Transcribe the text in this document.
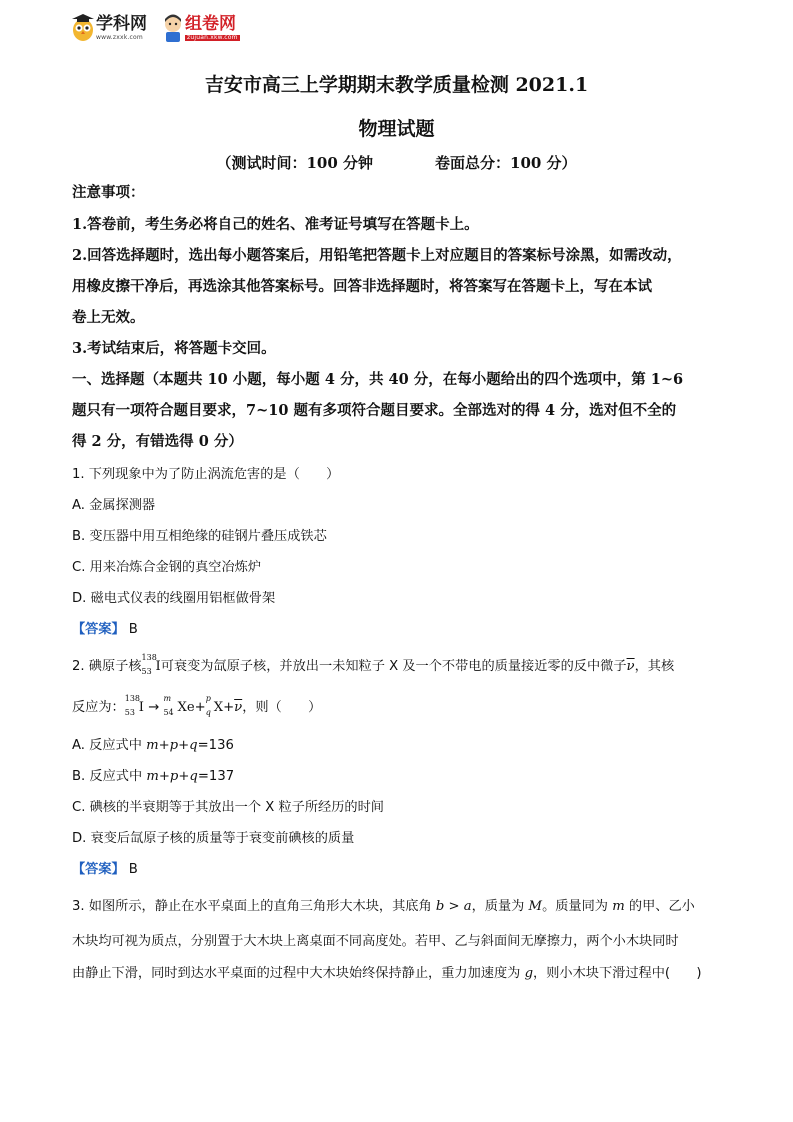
学科网
www.zxxk.com
组卷网
zujuan.xkw.com
吉安市高三上学期期末教学质量检测 2021.1
物理试题
（测试时间：100 分钟	卷面总分：100 分）
注意事项：
1.答卷前，考生务必将自己的姓名、准考证号填写在答题卡上。
2.回答选择题时，选出每小题答案后，用铅笔把答题卡上对应题目的答案标号涂黑，如需改动，
用橡皮擦干净后，再选涂其他答案标号。回答非选择题时，将答案写在答题卡上，写在本试
卷上无效。
3.考试结束后，将答题卡交回。
一、选择题（本题共 10 小题，每小题 4 分，共 40 分，在每小题给出的四个选项中，第 1~6
题只有一项符合题目要求，7~10 题有多项符合题目要求。全部选对的得 4 分，选对但不全的
得 2 分，有错选得 0 分）
1. 下列现象中为了防止涡流危害的是（　　）
A. 金属探测器
B. 变压器中用互相绝缘的硅钢片叠压成铁芯
C. 用来冶炼合金钢的真空冶炼炉
D. 磁电式仪表的线圈用铝框做骨架
【答案】 B
2. 碘原子核
138
53 I可衰变为氙原子核，并放出一未知粒子 X 及一个不带电的质量接近零的反中微子$\overline{\nu}$，其核
反应为：
138
53 I →
m
54 Xe+
p
q $X+\overline{\nu}$，则（　　）
A. 反应式中 m+p+q=136
B. 反应式中 m+p+q=137
C. 碘核的半衰期等于其放出一个 X 粒子所经历的时间
D. 衰变后氙原子核的质量等于衰变前碘核的质量
【答案】 B
3. 如图所示，静止在水平桌面上的直角三角形大木块，其底角 b > a，质量为 M。质量同为 m 的甲、乙小
木块均可视为质点，分别置于大木块上离桌面不同高度处。若甲、乙与斜面间无摩擦力，两个小木块同时
由静止下滑，同时到达水平桌面的过程中大木块始终保持静止，重力加速度为 g，则小木块下滑过程中(　　)
